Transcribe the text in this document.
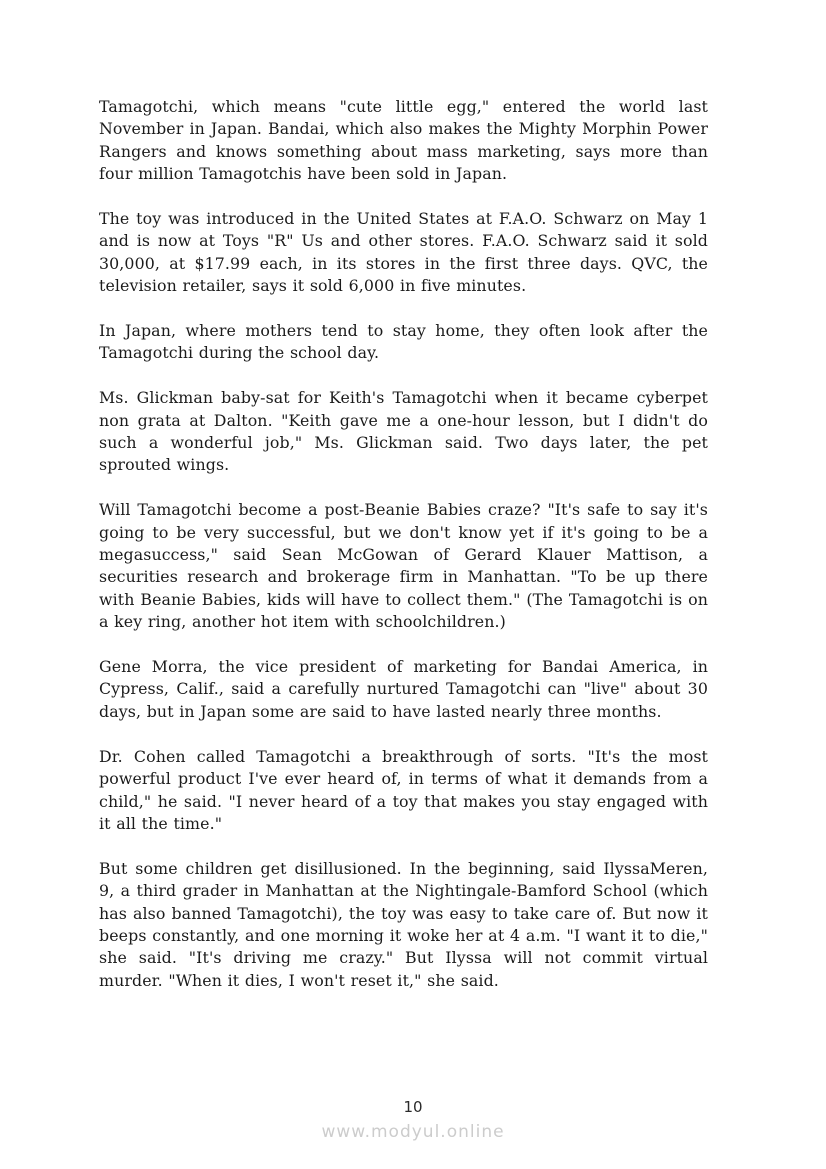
Tamagotchi, which means "cute little egg," entered the world last November in Japan. Bandai, which also makes the Mighty Morphin Power Rangers and knows something about mass marketing, says more than four million Tamagotchis have been sold in Japan.

The toy was introduced in the United States at F.A.O. Schwarz on May 1 and is now at Toys "R" Us and other stores. F.A.O. Schwarz said it sold 30,000, at $17.99 each, in its stores in the first three days. QVC, the television retailer, says it sold 6,000 in five minutes.

In Japan, where mothers tend to stay home, they often look after the Tamagotchi during the school day.

Ms. Glickman baby-sat for Keith's Tamagotchi when it became cyberpet non grata at Dalton. "Keith gave me a one-hour lesson, but I didn't do such a wonderful job," Ms. Glickman said. Two days later, the pet sprouted wings.

Will Tamagotchi become a post-Beanie Babies craze? "It's safe to say it's going to be very successful, but we don't know yet if it's going to be a megasuccess," said Sean McGowan of Gerard Klauer Mattison, a securities research and brokerage firm in Manhattan. "To be up there with Beanie Babies, kids will have to collect them." (The Tamagotchi is on a key ring, another hot item with schoolchildren.)

Gene Morra, the vice president of marketing for Bandai America, in Cypress, Calif., said a carefully nurtured Tamagotchi can "live" about 30 days, but in Japan some are said to have lasted nearly three months.

Dr. Cohen called Tamagotchi a breakthrough of sorts. "It's the most powerful product I've ever heard of, in terms of what it demands from a child," he said. "I never heard of a toy that makes you stay engaged with it all the time."

But some children get disillusioned. In the beginning, said IlyssaMeren, 9, a third grader in Manhattan at the Nightingale-Bamford School (which has also banned Tamagotchi), the toy was easy to take care of. But now it beeps constantly, and one morning it woke her at 4 a.m. "I want it to die," she said. "It's driving me crazy." But Ilyssa will not commit virtual murder. "When it dies, I won't reset it," she said.

10
www.modyul.online
